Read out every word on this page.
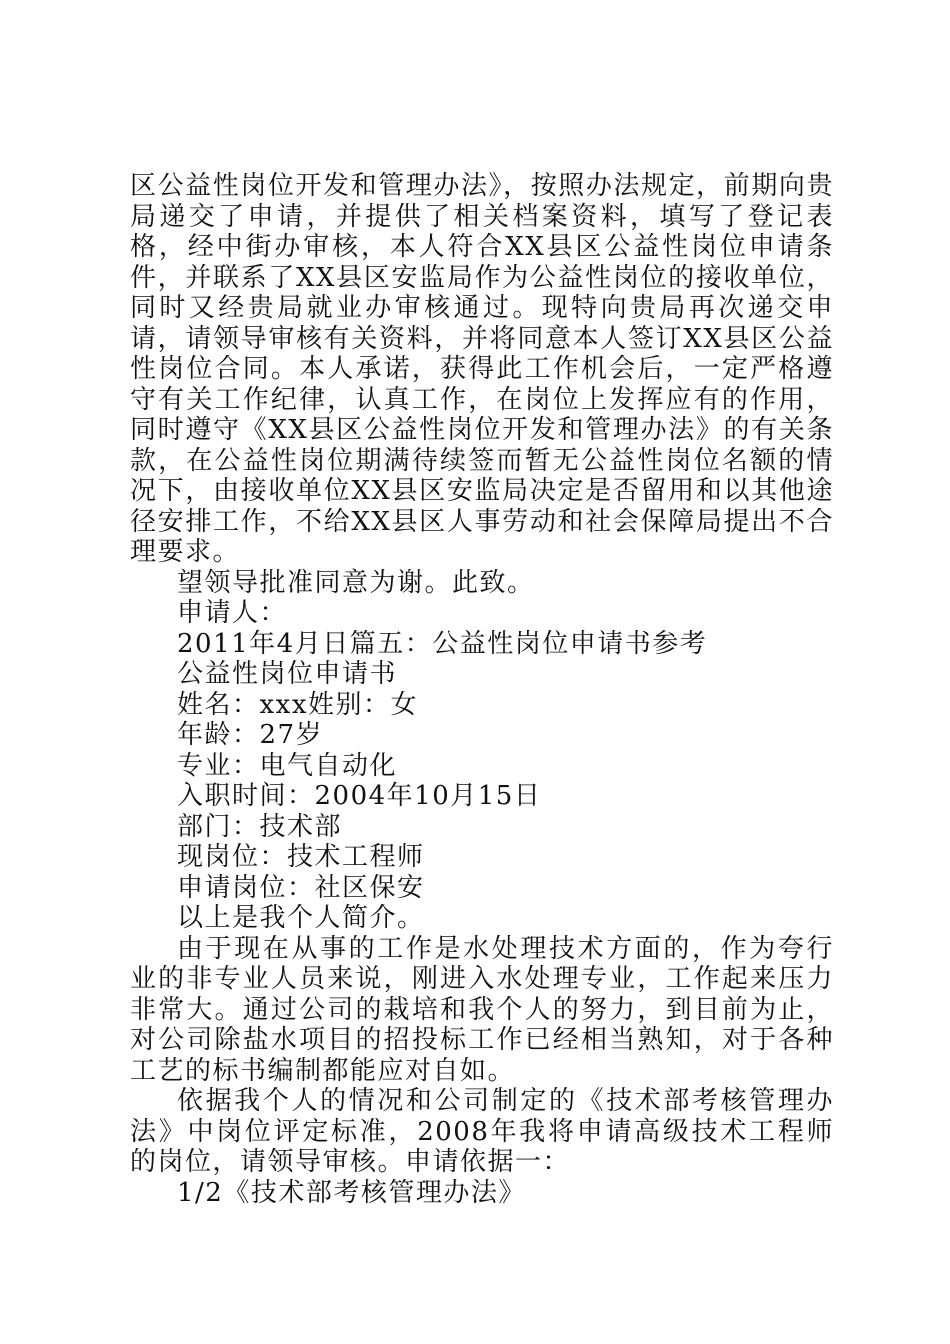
区公益性岗位开发和管理办法》，按照办法规定，前期向贵局递交了申请，并提供了相关档案资料，填写了登记表格，经中街办审核，本人符合XX县区公益性岗位申请条件，并联系了XX县区安监局作为公益性岗位的接收单位，同时又经贵局就业办审核通过。现特向贵局再次递交申请，请领导审核有关资料，并将同意本人签订XX县区公益性岗位合同。本人承诺，获得此工作机会后，一定严格遵守有关工作纪律，认真工作，在岗位上发挥应有的作用，同时遵守《XX县区公益性岗位开发和管理办法》的有关条款，在公益性岗位期满待续签而暂无公益性岗位名额的情况下，由接收单位XX县区安监局决定是否留用和以其他途径安排工作，不给XX县区人事劳动和社会保障局提出不合理要求。

望领导批准同意为谢。此致。

申请人：

2011年4月日篇五：公益性岗位申请书参考

公益性岗位申请书

姓名：xxx姓别：女

年龄：27岁

专业：电气自动化

入职时间：2004年10月15日

部门：技术部

现岗位：技术工程师

申请岗位：社区保安

以上是我个人简介。

由于现在从事的工作是水处理技术方面的，作为夸行业的非专业人员来说，刚进入水处理专业，工作起来压力非常大。通过公司的栽培和我个人的努力，到目前为止，对公司除盐水项目的招投标工作已经相当熟知，对于各种工艺的标书编制都能应对自如。

依据我个人的情况和公司制定的《技术部考核管理办法》中岗位评定标准，2008年我将申请高级技术工程师的岗位，请领导审核。申请依据一：

1/2《技术部考核管理办法》
